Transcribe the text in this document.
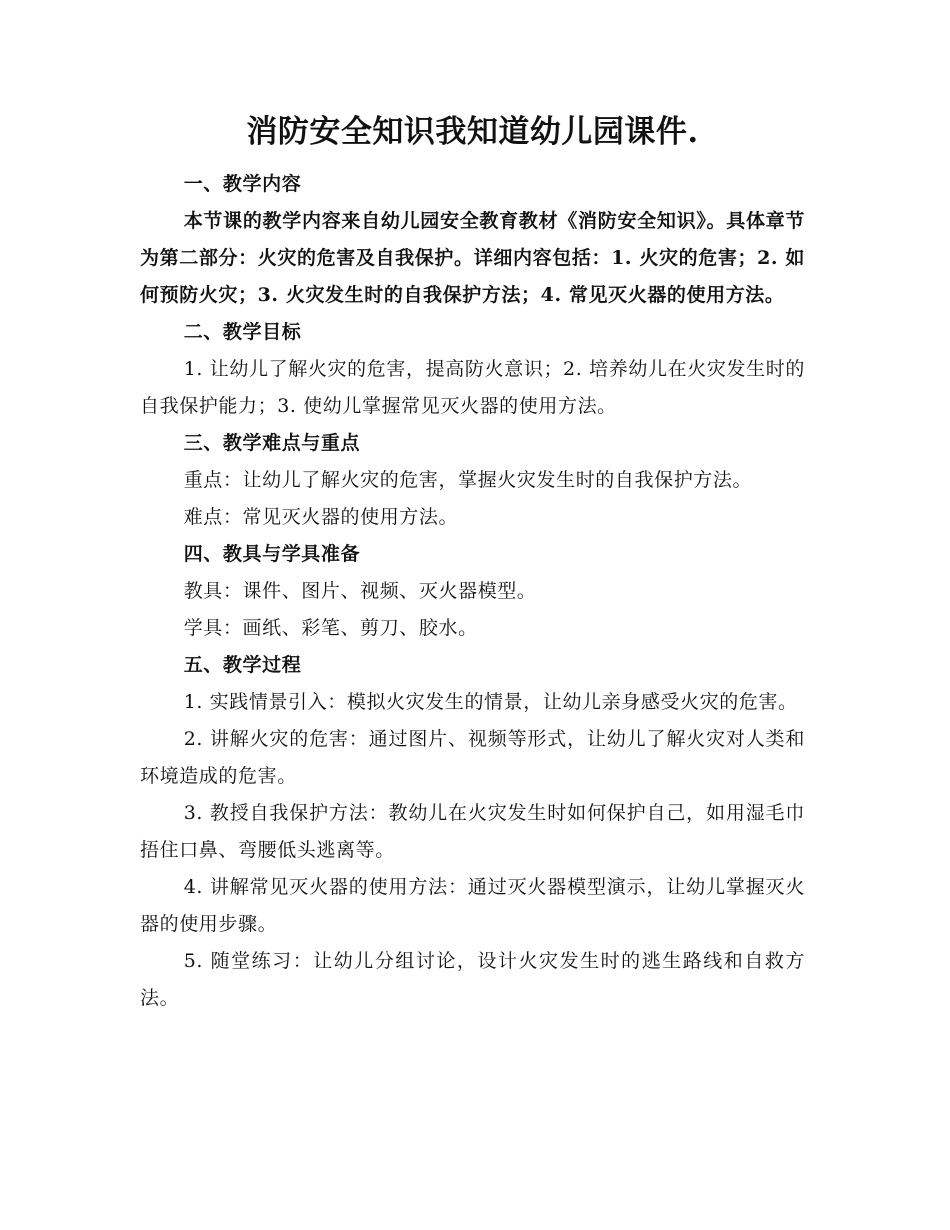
消防安全知识我知道幼儿园课件.

一、教学内容

本节课的教学内容来自幼儿园安全教育教材《消防安全知识》。具体章节为第二部分：火灾的危害及自我保护。详细内容包括：1. 火灾的危害；2. 如何预防火灾；3. 火灾发生时的自我保护方法；4. 常见灭火器的使用方法。

二、教学目标

1. 让幼儿了解火灾的危害，提高防火意识；2. 培养幼儿在火灾发生时的自我保护能力；3. 使幼儿掌握常见灭火器的使用方法。

三、教学难点与重点

重点：让幼儿了解火灾的危害，掌握火灾发生时的自我保护方法。

难点：常见灭火器的使用方法。

四、教具与学具准备

教具：课件、图片、视频、灭火器模型。

学具：画纸、彩笔、剪刀、胶水。

五、教学过程

1. 实践情景引入：模拟火灾发生的情景，让幼儿亲身感受火灾的危害。

2. 讲解火灾的危害：通过图片、视频等形式，让幼儿了解火灾对人类和环境造成的危害。

3. 教授自我保护方法：教幼儿在火灾发生时如何保护自己，如用湿毛巾捂住口鼻、弯腰低头逃离等。

4. 讲解常见灭火器的使用方法：通过灭火器模型演示，让幼儿掌握灭火器的使用步骤。

5. 随堂练习：让幼儿分组讨论，设计火灾发生时的逃生路线和自救方法。
